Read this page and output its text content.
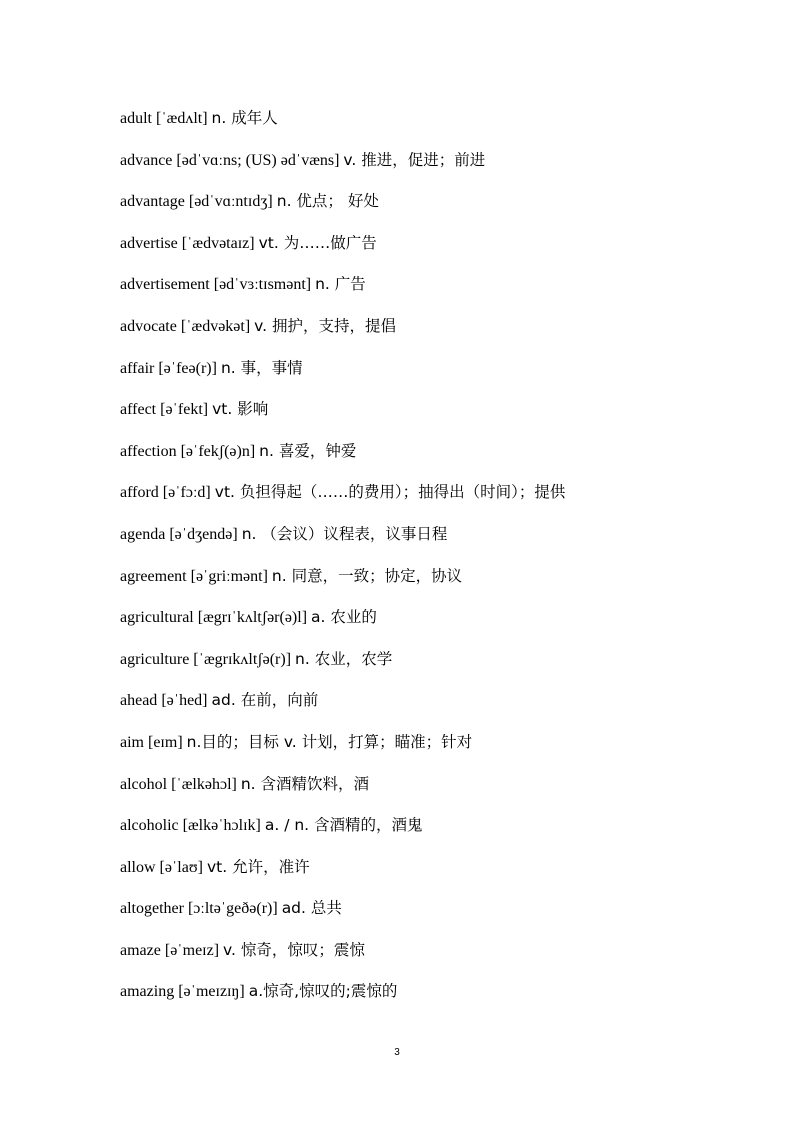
adult [ˈædʌlt] n. 成年人
advance [ədˈvɑːns; (US) ədˈvæns] v. 推进，促进；前进
advantage [ədˈvɑːntɪdʒ] n. 优点； 好处
advertise [ˈædvətaɪz] vt. 为……做广告
advertisement [ədˈvɜːtɪsmənt] n. 广告
advocate [ˈædvəkət] v. 拥护，支持，提倡
affair [əˈfeə(r)] n. 事，事情
affect [əˈfekt] vt. 影响
affection [əˈfekʃ(ə)n] n. 喜爱，钟爱
afford [əˈfɔːd] vt. 负担得起（……的费用）；抽得出（时间）；提供
agenda [əˈdʒendə] n. （会议）议程表，议事日程
agreement [əˈgriːmənt] n. 同意，一致；协定，协议
agricultural [ægrɪˈkʌltʃər(ə)l] a. 农业的
agriculture [ˈægrɪkʌltʃə(r)] n. 农业，农学
ahead [əˈhed] ad. 在前，向前
aim [eɪm] n.目的；目标 v. 计划，打算；瞄准；针对
alcohol [ˈælkəhɔl] n. 含酒精饮料，酒
alcoholic [ælkəˈhɔlɪk] a. / n. 含酒精的，酒鬼
allow [əˈlaʊ] vt. 允许，准许
altogether [ɔːltəˈgeðə(r)] ad. 总共
amaze [əˈmeɪz] v. 惊奇，惊叹；震惊
amazing [əˈmeɪzɪŋ] a.惊奇,惊叹的;震惊的
3
